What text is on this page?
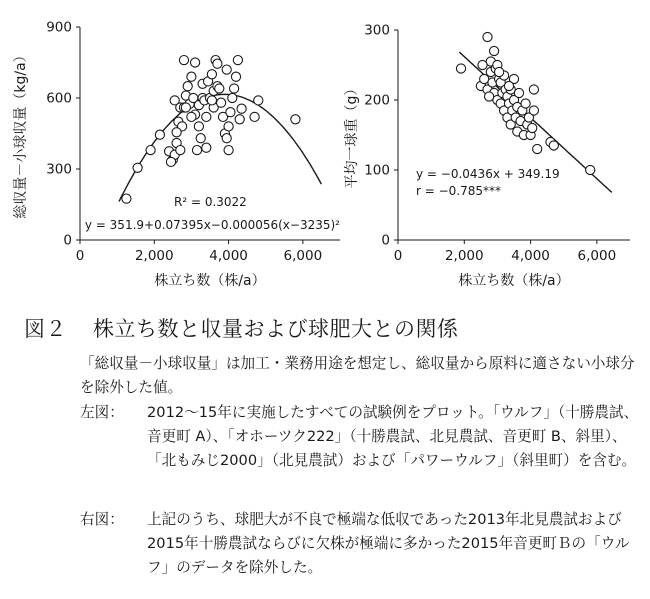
0
300
600
900
0	2,000	4,000	6,000
株立ち数（株/a）
総収量－小球収量（kg/a）	R² = 0.3022
y = 351.9+0.07395x−0.000056(x−3235)²
0
100
200
300
0	2,000 4,000 6,000
株立ち数（株/a）
平均一球重（g）	y = −0.0436x + 349.19
r = −0.785***
図２ 株立ち数と収量および球肥大との関係
「総収量－小球収量」は加工・業務用途を想定し、総収量から原料に適さない小球分を除外した値。
左図：	2012～15年に実施したすべての試験例をプロット。「ウルフ」（十勝農試、音更町 A）、「オホーツク222」（十勝農試、北見農試、音更町 B、斜里）、「北もみじ2000」（北見農試）および「パワーウルフ」（斜里町）を含む。
右図：	上記のうち、球肥大が不良で極端な低収であった2013年北見農試および2015年十勝農試ならびに欠株が極端に多かった2015年音更町Ｂの「ウルフ」のデータを除外した。
